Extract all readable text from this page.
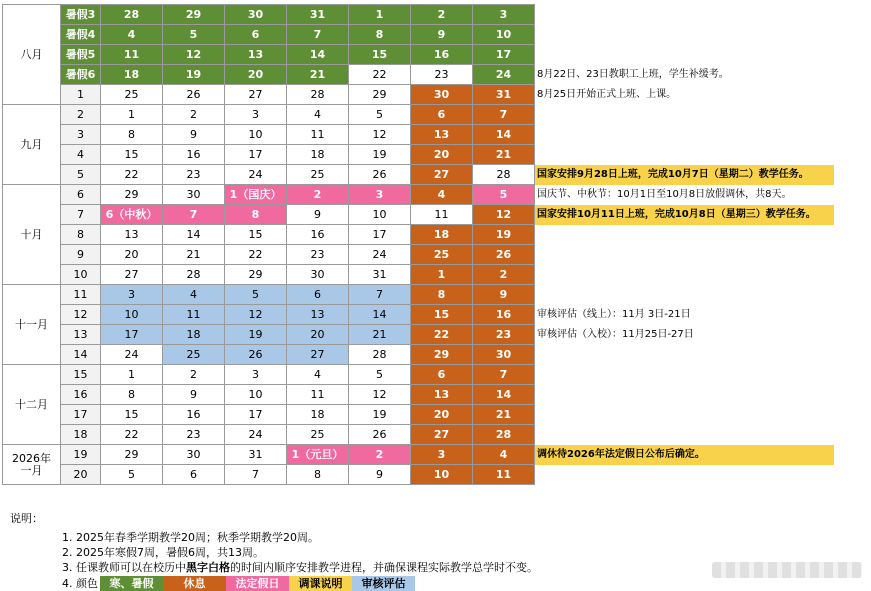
八月	暑假3	28	29	30	31	1	2	3	
	暑假4	4	5	6	7	8	9	10	
	暑假5	11	12	13	14	15	16	17	
	暑假6	18	19	20	21	22	23	24	8月22日、23日教职工上班，学生补缓考。
	1	25	26	27	28	29	30	31	8月25日开始正式上班、上课。
九月	2	1	2	3	4	5	6	7	
	3	8	9	10	11	12	13	14	
	4	15	16	17	18	19	20	21	
	5	22	23	24	25	26	27	28	国家安排9月28日上班，完成10月7日（星期二）教学任务。
十月	6	29	30	1（国庆）	2	3	4	5	国庆节、中秋节：10月1日至10月8日放假调休，共8天。
	7	6（中秋）	7	8	9	10	11	12	国家安排10月11日上班，完成10月8日（星期三）教学任务。
	8	13	14	15	16	17	18	19	
	9	20	21	22	23	24	25	26	
	10	27	28	29	30	31	1	2	
十一月	11	3	4	5	6	7	8	9	
	12	10	11	12	13	14	15	16	审核评估（线上）：11月 3日-21日
	13	17	18	19	20	21	22	23	审核评估（入校）：11月25日-27日
	14	24	25	26	27	28	29	30	
十二月	15	1	2	3	4	5	6	7	
	16	8	9	10	11	12	13	14	
	17	15	16	17	18	19	20	21	
	18	22	23	24	25	26	27	28	
2026年
一月	19	29	30	31	1（元旦）	2	3	4	调休待2026年法定假日公布后确定。
	20	5	6	7	8	9	10	11	
说明：
1. 2025年春季学期教学20周；秋季学期教学20周。
2. 2025年寒假7周，暑假6周，共13周。
3. 任课教师可以在校历中黑字白格的时间内顺序安排教学进程，并确保课程实际教学总学时不变。
4. 颜色	寒、暑假	休息	法定假日	调课说明	审核评估
